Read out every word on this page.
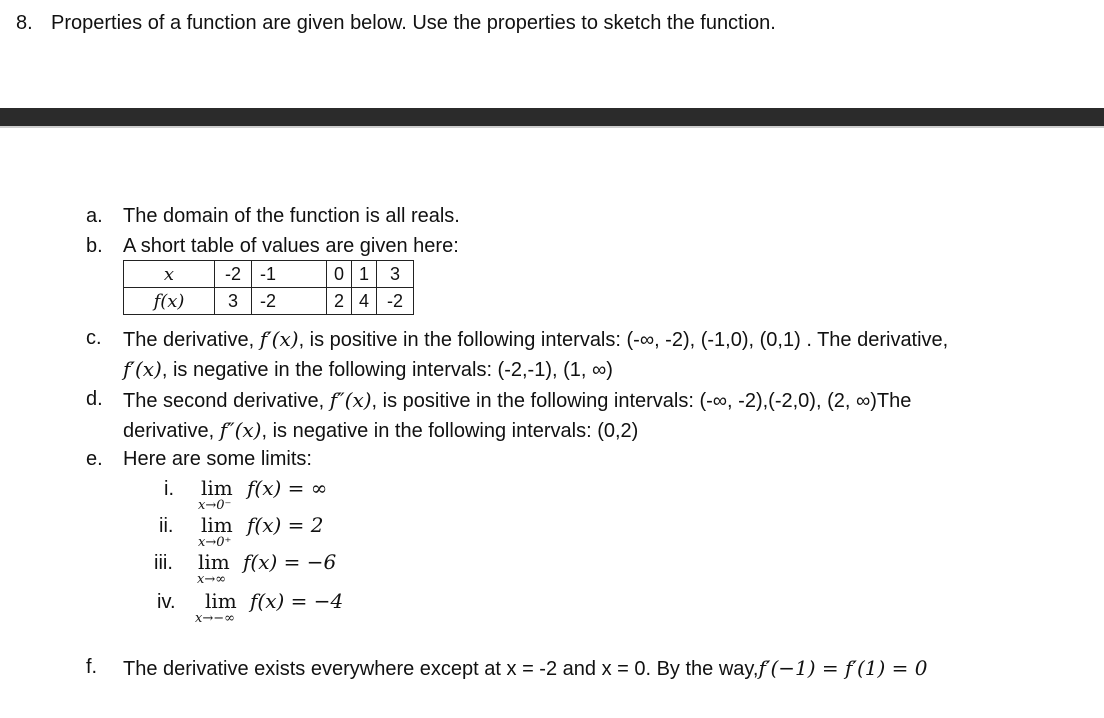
8. Properties of a function are given below. Use the properties to sketch the function.
a. The domain of the function is all reals.
b. A short table of values are given here:
x	-2	-1	0	1	3
f(x)	3	-2	2	4	-2
c. The derivative, f′(x), is positive in the following intervals: (-∞, -2), (-1,0), (0,1) . The derivative,
f′(x), is negative in the following intervals: (-2,-1), (1, ∞)
d. The second derivative, f″(x), is positive in the following intervals: (-∞, -2),(-2,0), (2, ∞)The
derivative, f″(x), is negative in the following intervals: (0,2)
e. Here are some limits:
i. lim
x→0⁻
f(x) = ∞
ii. lim
x→0⁺
f(x) = 2
iii. lim
x→∞
f(x) = −6
iv. lim
x→−∞
f(x) = −4
f. The derivative exists everywhere except at x = -2 and x = 0. By the way,f′(−1) = f′(1) = 0
